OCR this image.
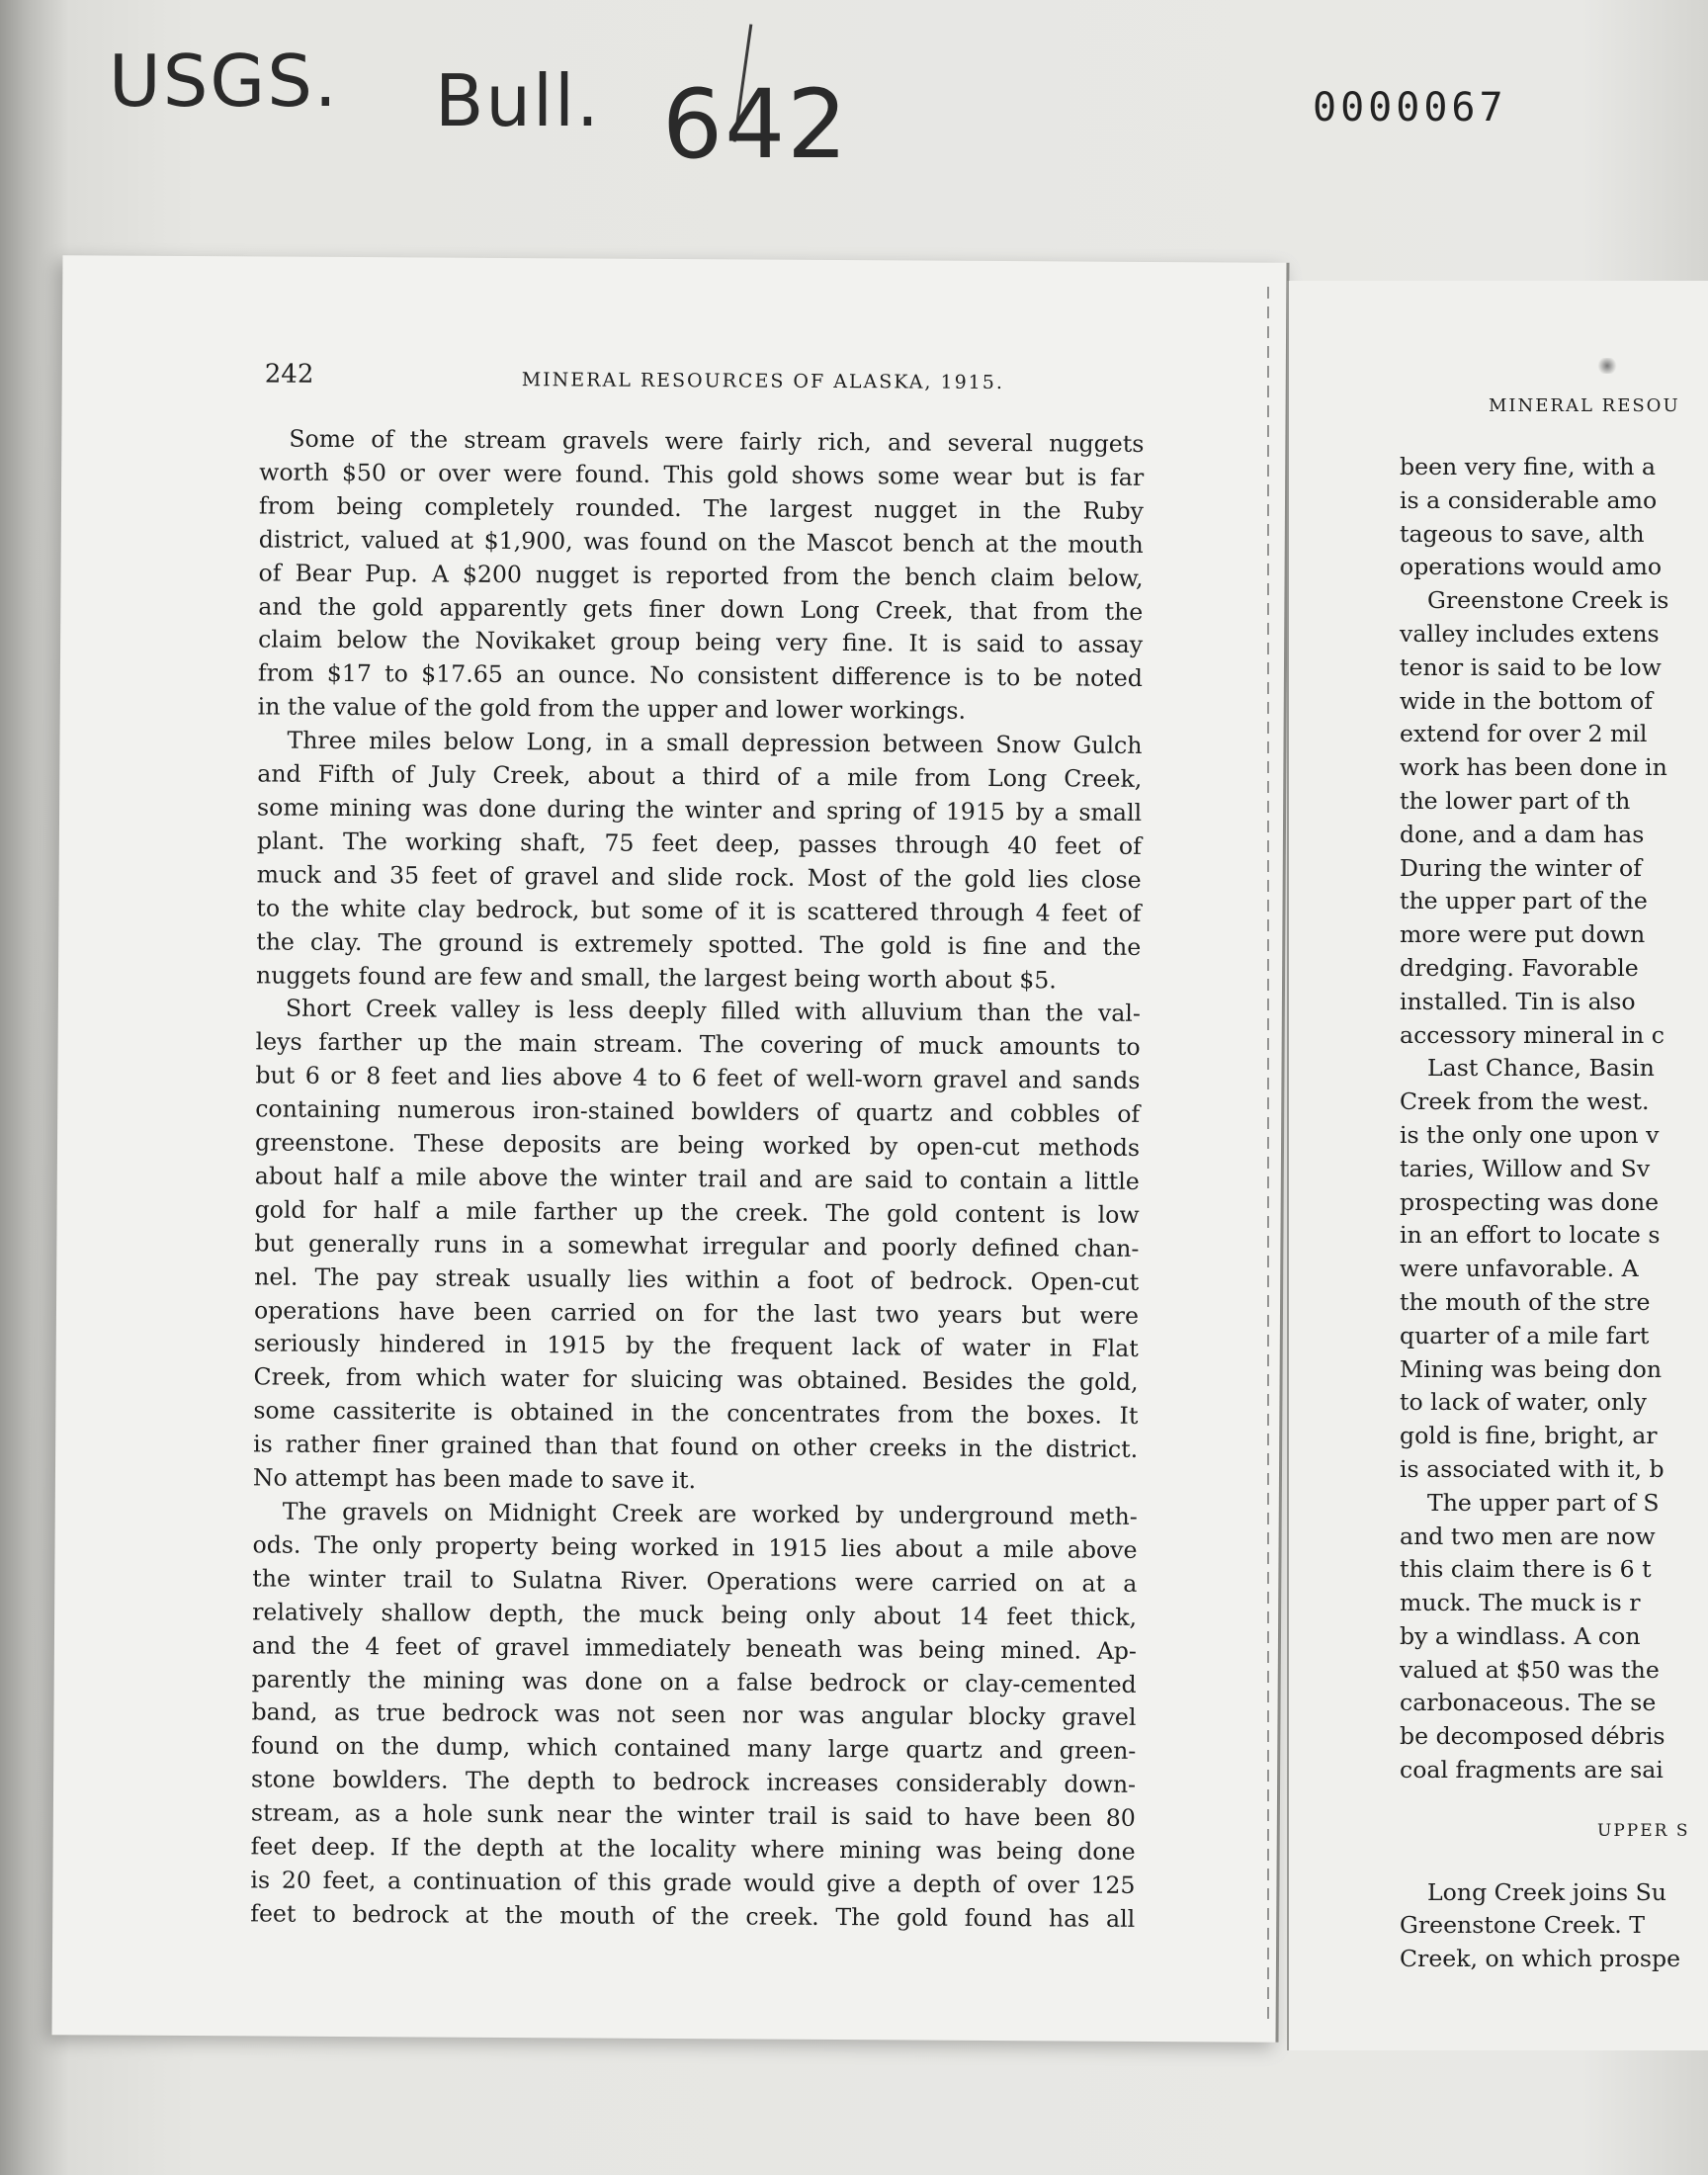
USGS. Bull. 642	0000067
242	MINERAL RESOURCES OF ALASKA, 1915.
Some of the stream gravels were fairly rich, and several nuggets
worth $50 or over were found. This gold shows some wear but is far
from being completely rounded. The largest nugget in the Ruby
district, valued at $1,900, was found on the Mascot bench at the mouth
of Bear Pup. A $200 nugget is reported from the bench claim below,
and the gold apparently gets finer down Long Creek, that from the
claim below the Novikaket group being very fine. It is said to assay
from $17 to $17.65 an ounce. No consistent difference is to be noted
in the value of the gold from the upper and lower workings.
Three miles below Long, in a small depression between Snow Gulch
and Fifth of July Creek, about a third of a mile from Long Creek,
some mining was done during the winter and spring of 1915 by a small
plant. The working shaft, 75 feet deep, passes through 40 feet of
muck and 35 feet of gravel and slide rock. Most of the gold lies close
to the white clay bedrock, but some of it is scattered through 4 feet of
the clay. The ground is extremely spotted. The gold is fine and the
nuggets found are few and small, the largest being worth about $5.
Short Creek valley is less deeply filled with alluvium than the val-
leys farther up the main stream. The covering of muck amounts to
but 6 or 8 feet and lies above 4 to 6 feet of well-worn gravel and sands
containing numerous iron-stained bowlders of quartz and cobbles of
greenstone. These deposits are being worked by open-cut methods
about half a mile above the winter trail and are said to contain a little
gold for half a mile farther up the creek. The gold content is low
but generally runs in a somewhat irregular and poorly defined chan-
nel. The pay streak usually lies within a foot of bedrock. Open-cut
operations have been carried on for the last two years but were
seriously hindered in 1915 by the frequent lack of water in Flat
Creek, from which water for sluicing was obtained. Besides the gold,
some cassiterite is obtained in the concentrates from the boxes. It
is rather finer grained than that found on other creeks in the district.
No attempt has been made to save it.
The gravels on Midnight Creek are worked by underground meth-
ods. The only property being worked in 1915 lies about a mile above
the winter trail to Sulatna River. Operations were carried on at a
relatively shallow depth, the muck being only about 14 feet thick,
and the 4 feet of gravel immediately beneath was being mined. Ap-
parently the mining was done on a false bedrock or clay-cemented
band, as true bedrock was not seen nor was angular blocky gravel
found on the dump, which contained many large quartz and green-
stone bowlders. The depth to bedrock increases considerably down-
stream, as a hole sunk near the winter trail is said to have been 80
feet deep. If the depth at the locality where mining was being done
is 20 feet, a continuation of this grade would give a depth of over 125
feet to bedrock at the mouth of the creek. The gold found has all
MINERAL RESOU
been very fine, with a
is a considerable amo
tageous to save, alth
operations would amo
Greenstone Creek is
valley includes extens
tenor is said to be low
wide in the bottom of
extend for over 2 mil
work has been done in
the lower part of th
done, and a dam has
During the winter of
the upper part of the
more were put down
dredging. Favorable
installed. Tin is also
accessory mineral in c
Last Chance, Basin
Creek from the west.
is the only one upon v
taries, Willow and Sv
prospecting was done
in an effort to locate s
were unfavorable. A
the mouth of the stre
quarter of a mile fart
Mining was being don
to lack of water, only
gold is fine, bright, ar
is associated with it, b
The upper part of S
and two men are now
this claim there is 6 t
muck. The muck is r
by a windlass. A con
valued at $50 was the
carbonaceous. The se
be decomposed débris
coal fragments are sai
UPPER S
Long Creek joins Su
Greenstone Creek. T
Creek, on which prospe
